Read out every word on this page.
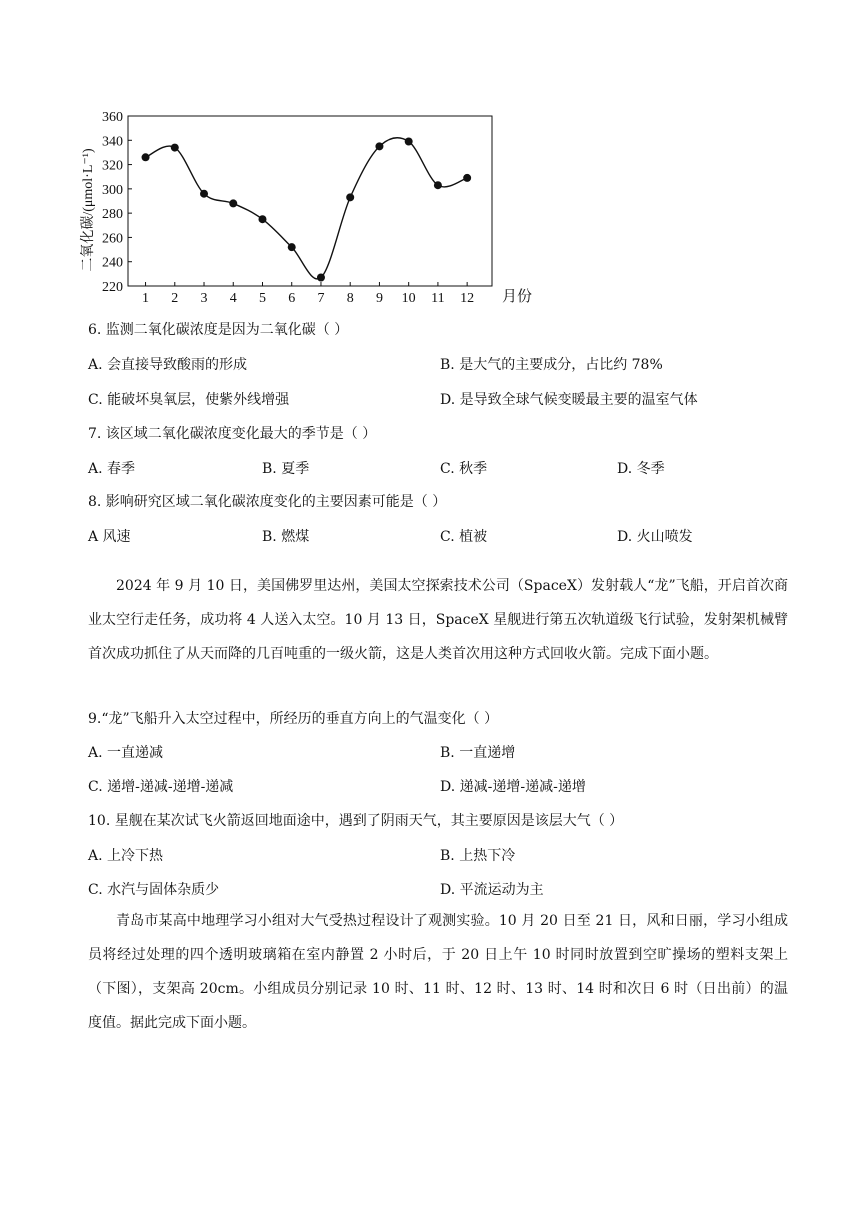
220
240
260
280
300
320
340
360
1 2 3 4 5 6 7 8 9 10 11 12
二氧化碳/(μmol·L⁻¹)
月份
6. 监测二氧化碳浓度是因为二氧化碳（ ）
A. 会直接导致酸雨的形成	B. 是大气的主要成分，占比约 78%
C. 能破坏臭氧层，使紫外线增强	D. 是导致全球气候变暖最主要的温室气体
7. 该区域二氧化碳浓度变化最大的季节是（ ）
A. 春季	B. 夏季	C. 秋季	D. 冬季
8. 影响研究区域二氧化碳浓度变化的主要因素可能是（ ）
A 风速	B. 燃煤	C. 植被	D. 火山喷发
2024 年 9 月 10 日，美国佛罗里达州，美国太空探索技术公司（SpaceX）发射载人“龙”飞船，开启首次商业太空行走任务，成功将 4 人送入太空。10 月 13 日，SpaceX 星舰进行第五次轨道级飞行试验，发射架机械臂首次成功抓住了从天而降的几百吨重的一级火箭，这是人类首次用这种方式回收火箭。完成下面小题。
9.“龙”飞船升入太空过程中，所经历的垂直方向上的气温变化（ ）
A. 一直递减	B. 一直递增
C. 递增-递减-递增-递减	D. 递减-递增-递减-递增
10. 星舰在某次试飞火箭返回地面途中，遇到了阴雨天气，其主要原因是该层大气（ ）
A. 上冷下热	B. 上热下冷
C. 水汽与固体杂质少	D. 平流运动为主
青岛市某高中地理学习小组对大气受热过程设计了观测实验。10 月 20 日至 21 日，风和日丽，学习小组成员将经过处理的四个透明玻璃箱在室内静置 2 小时后，于 20 日上午 10 时同时放置到空旷操场的塑料支架上（下图），支架高 20cm。小组成员分别记录 10 时、11 时、12 时、13 时、14 时和次日 6 时（日出前）的温度值。据此完成下面小题。
